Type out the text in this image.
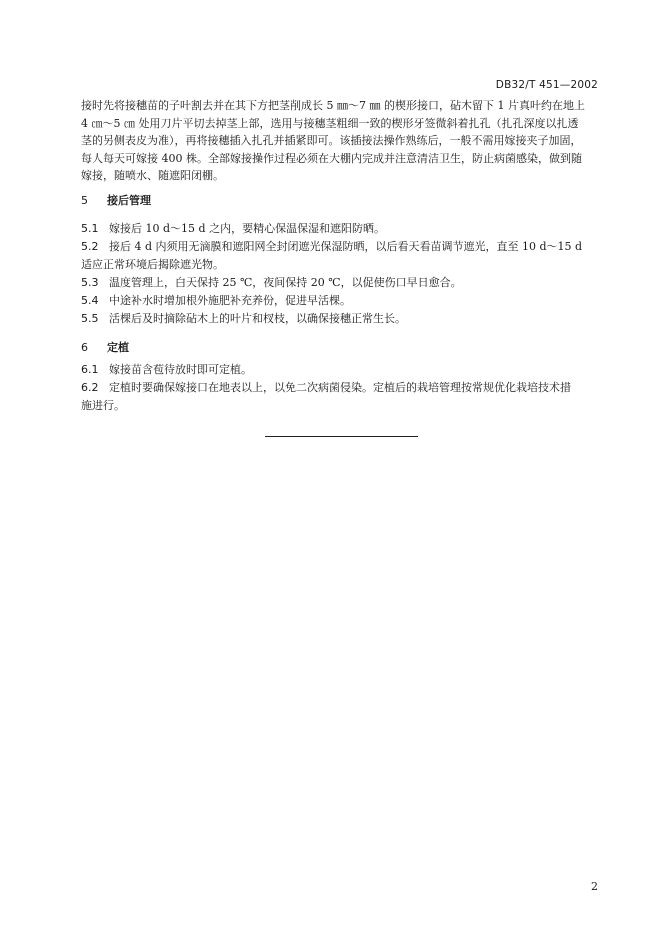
DB32/T 451—2002
接时先将接穗苗的子叶割去并在其下方把茎削成长 5 ㎜～7 ㎜ 的楔形接口，砧木留下 1 片真叶约在地上
4 ㎝～5 ㎝ 处用刀片平切去掉茎上部，选用与接穗茎粗细一致的楔形牙签微斜着扎孔（扎孔深度以扎透
茎的另侧表皮为准），再将接穗插入扎孔并插紧即可。该插接法操作熟练后，一般不需用嫁接夹子加固，
每人每天可嫁接 400 株。全部嫁接操作过程必须在大棚内完成并注意清洁卫生，防止病菌感染，做到随
嫁接，随喷水、随遮阳闭棚。
5 接后管理
5.1 嫁接后 10 d～15 d 之内，要精心保温保湿和遮阳防晒。
5.2 接后 4 d 内须用无滴膜和遮阳网全封闭遮光保湿防晒，以后看天看苗调节遮光，直至 10 d～15 d
适应正常环境后揭除遮光物。
5.3 温度管理上，白天保持 25 ℃，夜间保持 20 ℃，以促使伤口早日愈合。
5.4 中途补水时增加根外施肥补充养份，促进早活棵。
5.5 活棵后及时摘除砧木上的叶片和杈枝，以确保接穗正常生长。
6 定植
6.1 嫁接苗含苞待放时即可定植。
6.2 定植时要确保嫁接口在地表以上，以免二次病菌侵染。定植后的栽培管理按常规优化栽培技术措
施进行。
2
